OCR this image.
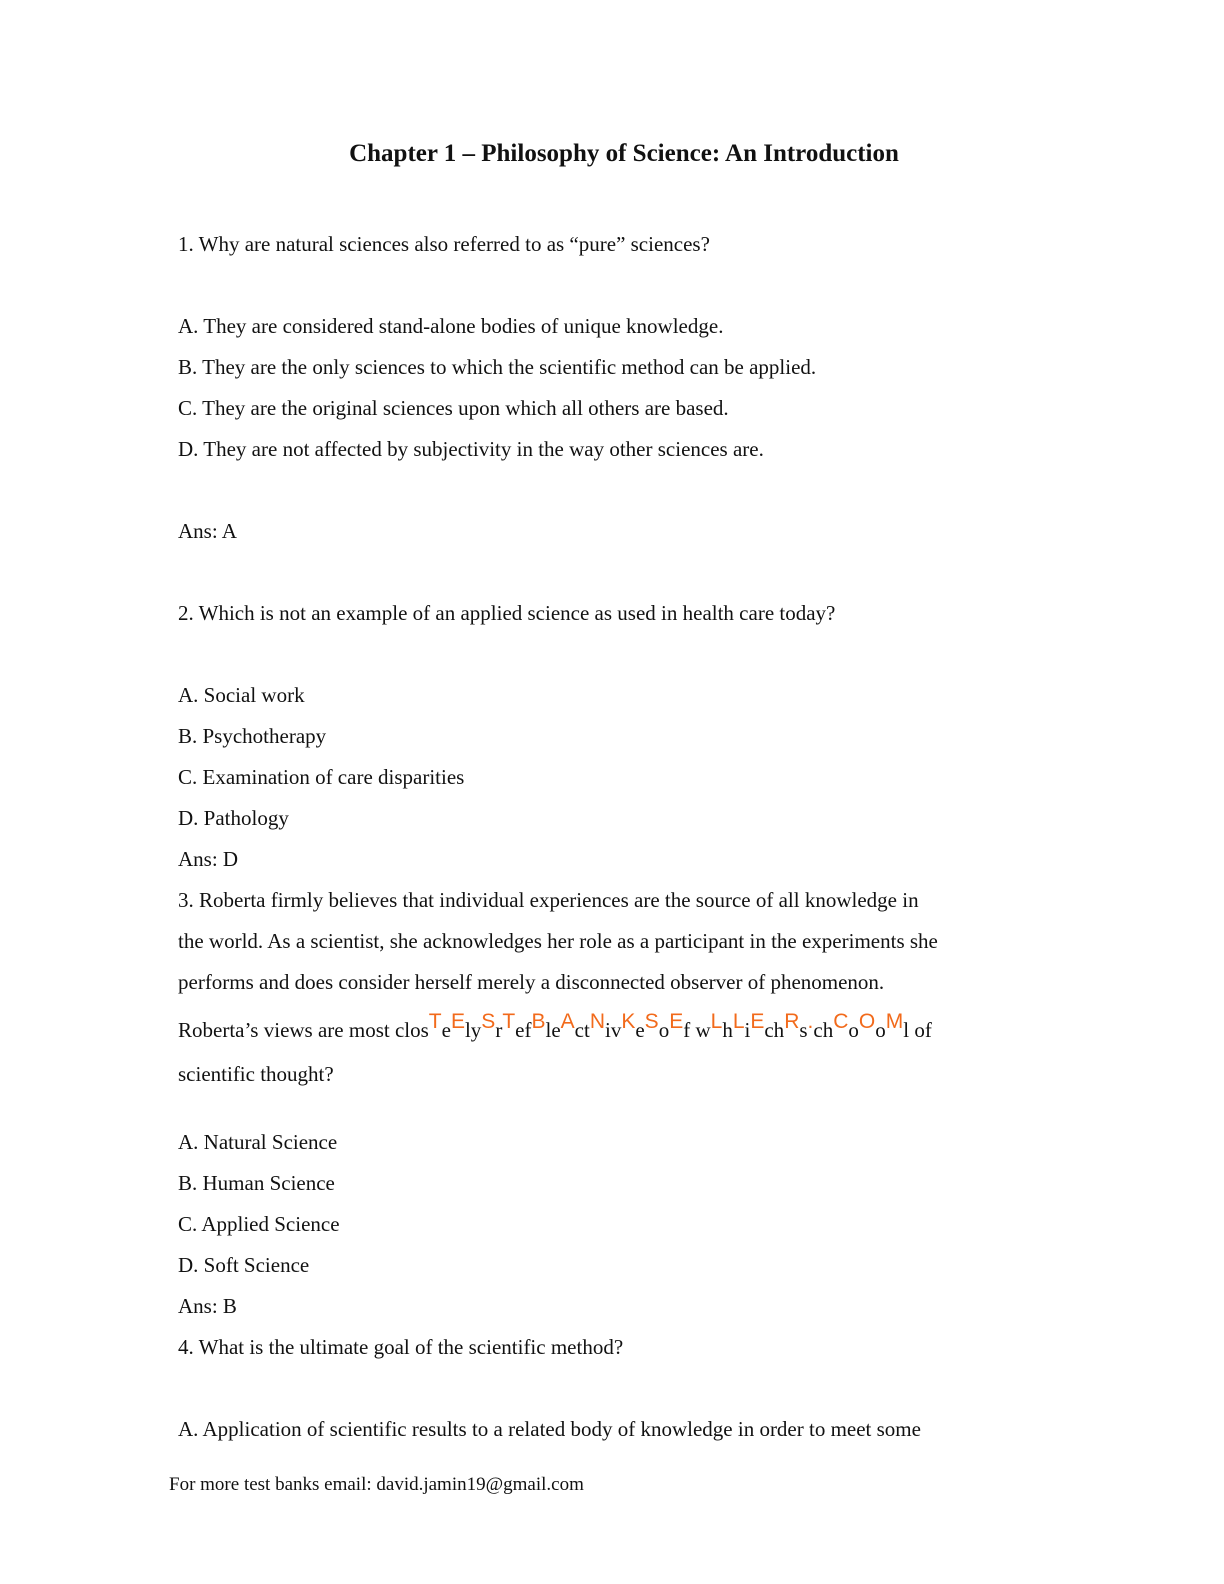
Chapter 1 – Philosophy of Science: An Introduction
1. Why are natural sciences also referred to as “pure” sciences?
A. They are considered stand-alone bodies of unique knowledge.
B. They are the only sciences to which the scientific method can be applied.
C. They are the original sciences upon which all others are based.
D. They are not affected by subjectivity in the way other sciences are.
Ans: A
2. Which is not an example of an applied science as used in health care today?
A. Social work
B. Psychotherapy
C. Examination of care disparities
D. Pathology
Ans: D
3. Roberta firmly believes that individual experiences are the source of all knowledge in
the world. As a scientist, she acknowledges her role as a participant in the experiments she
performs and does consider herself merely a disconnected observer of phenomenon.
Roberta’s views are most closTeElySrTefBleActNivKeSoEf wLhLiEchRs.chCoOoMl of
scientific thought?
A. Natural Science
B. Human Science
C. Applied Science
D. Soft Science
Ans: B
4. What is the ultimate goal of the scientific method?
A. Application of scientific results to a related body of knowledge in order to meet some
For more test banks email: david.jamin19@gmail.com
